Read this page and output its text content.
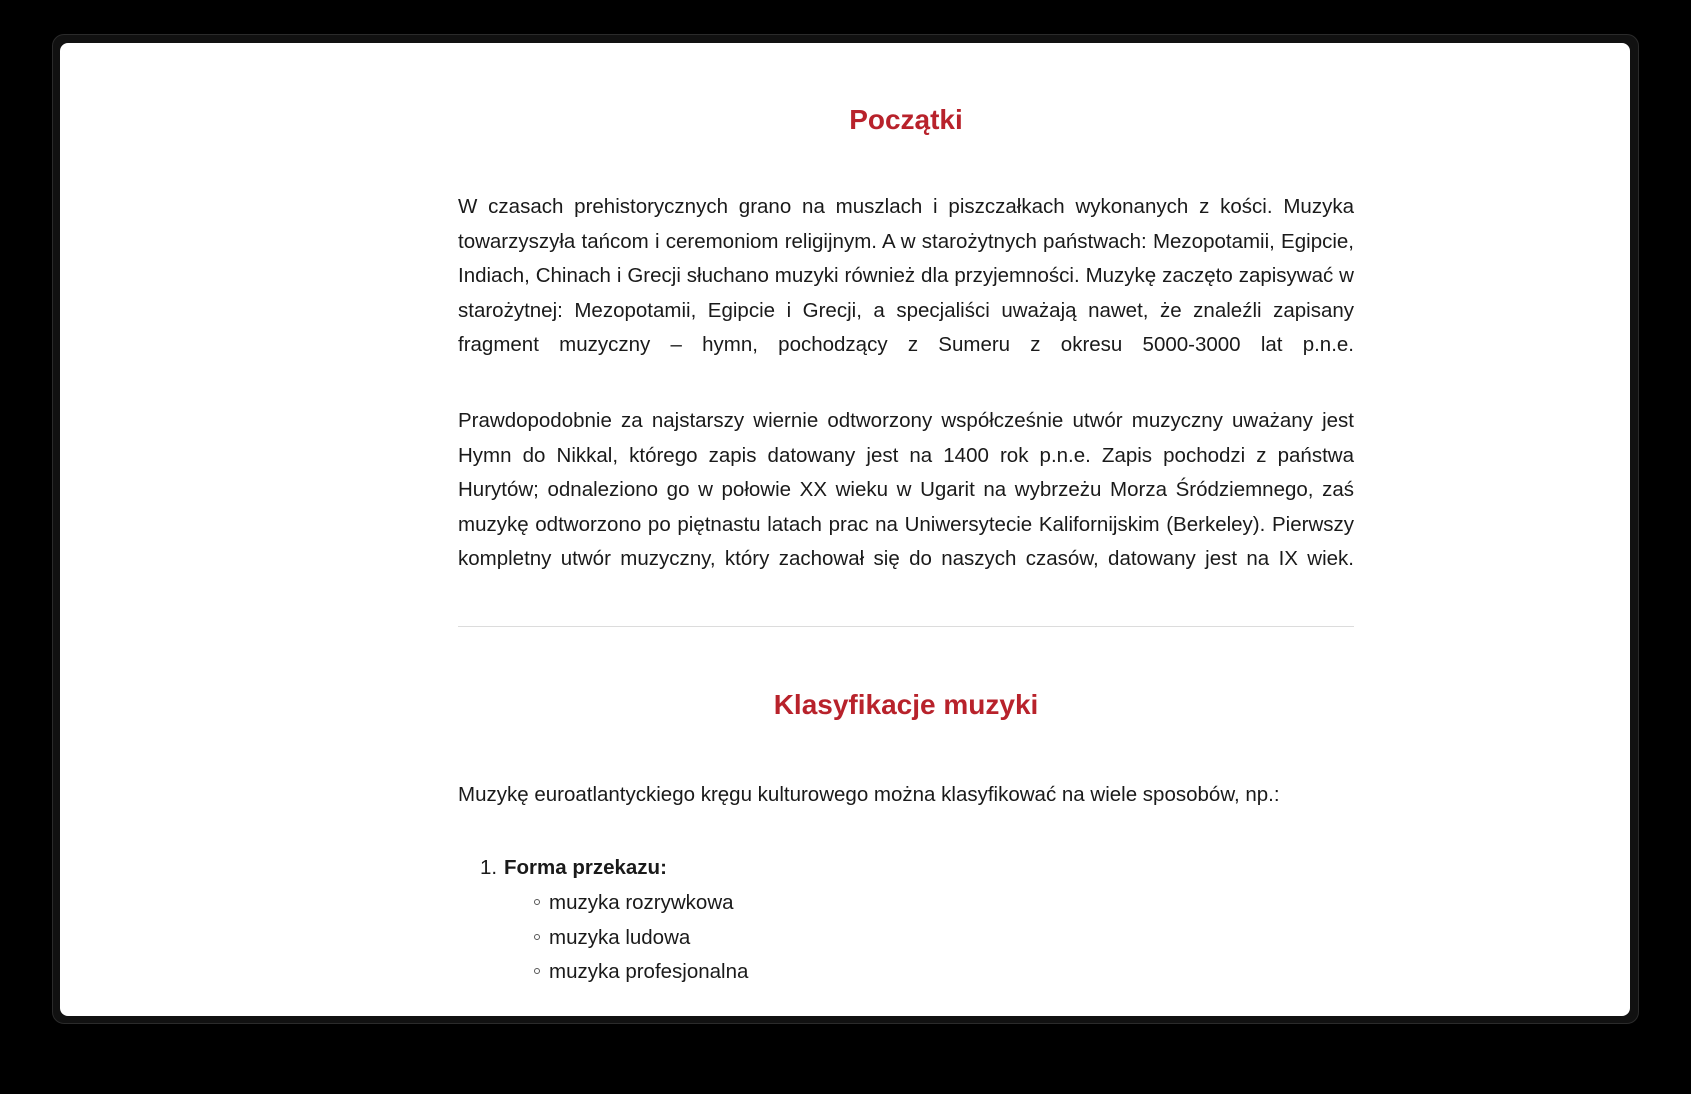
Początki

W czasach prehistorycznych grano na muszlach i piszczałkach wykonanych z kości. Muzyka towarzyszyła tańcom i ceremoniom religijnym. A w starożytnych państwach: Mezopotamii, Egipcie, Indiach, Chinach i Grecji słuchano muzyki również dla przyjemności. Muzykę zaczęto zapisywać w starożytnej: Mezopotamii, Egipcie i Grecji, a specjaliści uważają nawet, że znaleźli zapisany fragment muzyczny – hymn, pochodzący z Sumeru z okresu 5000-3000 lat p.n.e.

Prawdopodobnie za najstarszy wiernie odtworzony współcześnie utwór muzyczny uważany jest Hymn do Nikkal, którego zapis datowany jest na 1400 rok p.n.e. Zapis pochodzi z państwa Hurytów; odnaleziono go w połowie XX wieku w Ugarit na wybrzeżu Morza Śródziemnego, zaś muzykę odtworzono po piętnastu latach prac na Uniwersytecie Kalifornijskim (Berkeley). Pierwszy kompletny utwór muzyczny, który zachował się do naszych czasów, datowany jest na IX wiek.

Klasyfikacje muzyki

Muzykę euroatlantyckiego kręgu kulturowego można klasyfikować na wiele sposobów, np.:

1. Forma przekazu:
muzyka rozrywkowa
muzyka ludowa
muzyka profesjonalna
